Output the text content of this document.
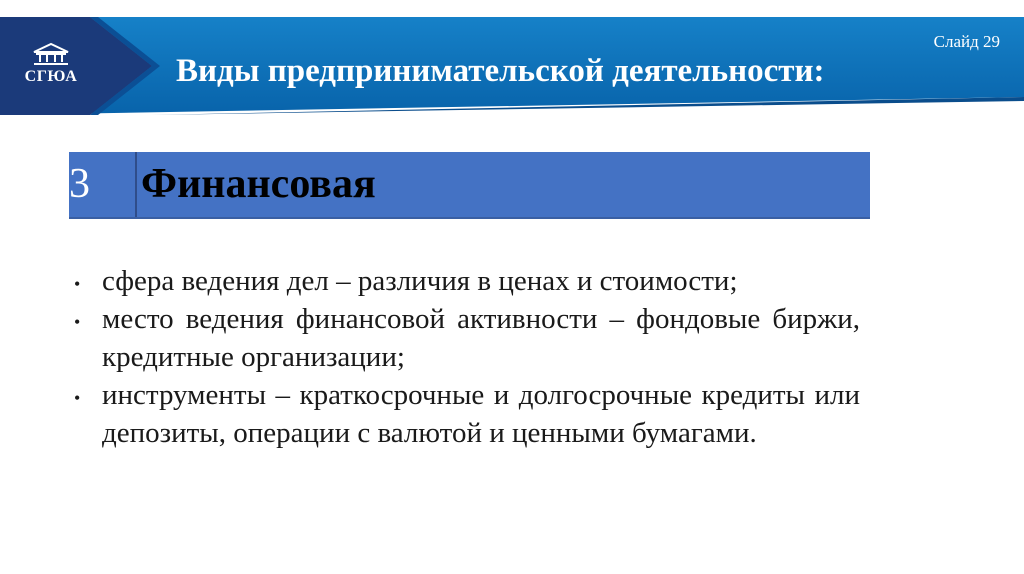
СГЮА
Слайд 29
Виды предпринимательской деятельности:
3	Финансовая
• сфера ведения дел – различия в ценах и стоимости;
• место ведения финансовой активности – фондовые биржи, кредитные организации;
• инструменты – краткосрочные и долгосрочные кредиты или депозиты, операции с валютой и ценными бумагами.
